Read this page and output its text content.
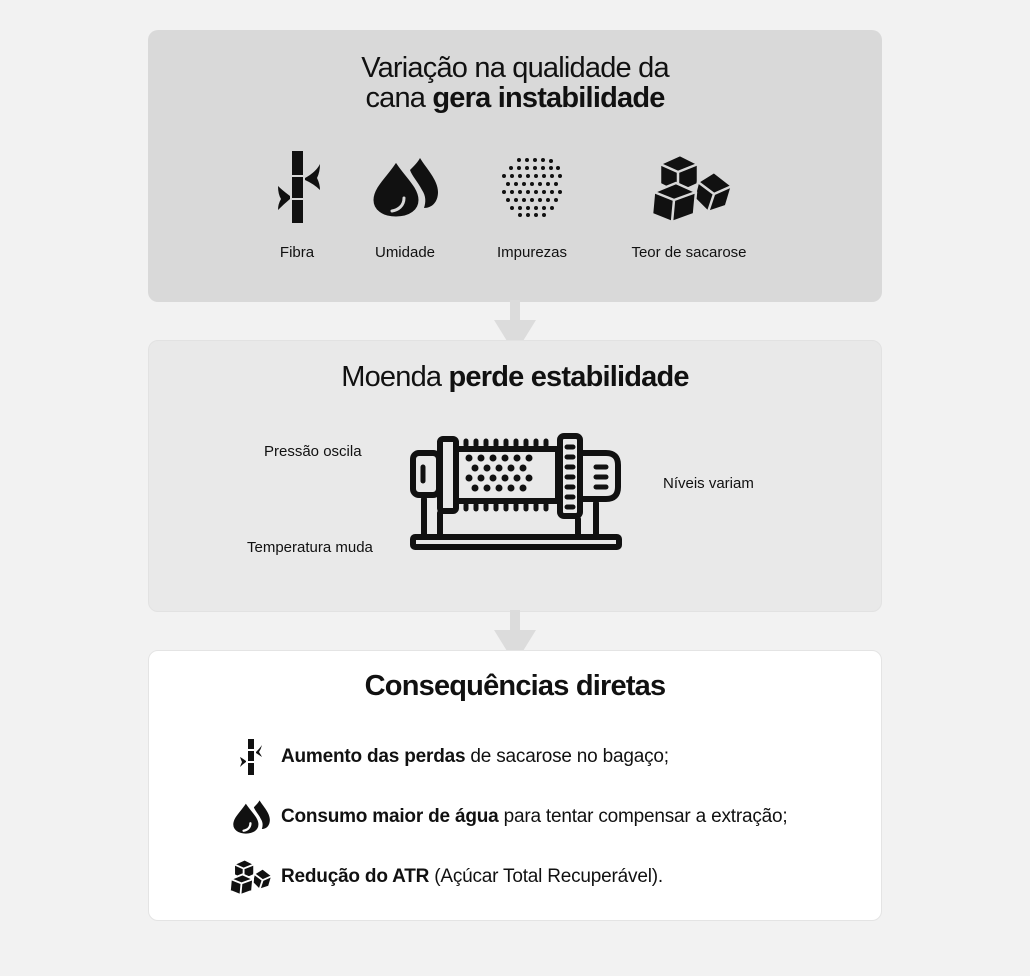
Variação na qualidade da
cana gera instabilidade
Fibra	Umidade	Impurezas	Teor de sacarose
Moenda perde estabilidade
Pressão oscila
Temperatura muda
Níveis variam
Consequências diretas
Aumento das perdas de sacarose no bagaço;
Consumo maior de água para tentar compensar a extração;
Redução do ATR (Açúcar Total Recuperável).
